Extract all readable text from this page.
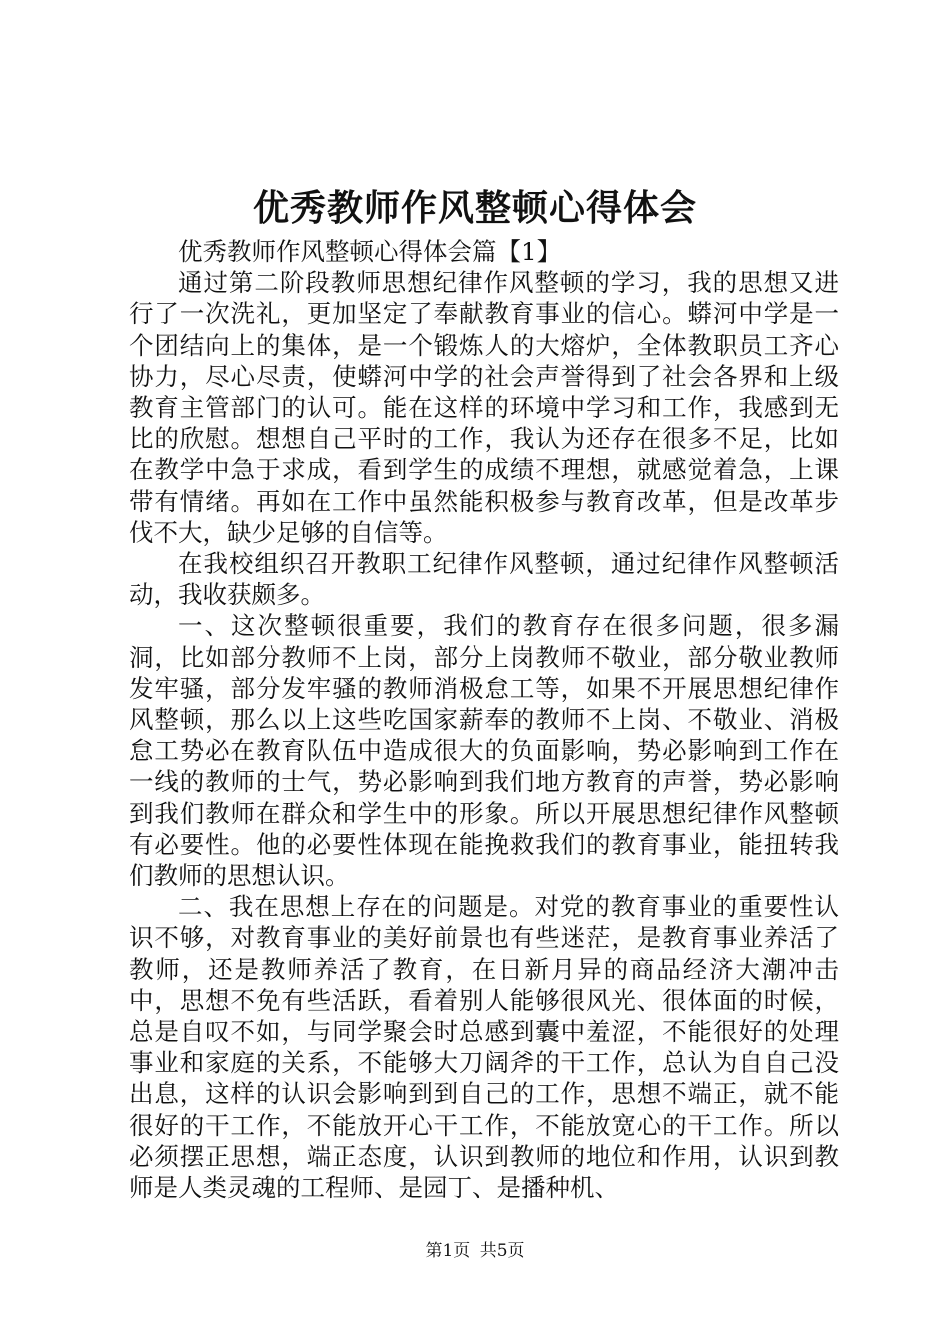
优秀教师作风整顿心得体会

优秀教师作风整顿心得体会篇【1】

通过第二阶段教师思想纪律作风整顿的学习，我的思想又进行了一次洗礼，更加坚定了奉献教育事业的信心。蟒河中学是一个团结向上的集体，是一个锻炼人的大熔炉，全体教职员工齐心协力，尽心尽责，使蟒河中学的社会声誉得到了社会各界和上级教育主管部门的认可。能在这样的环境中学习和工作，我感到无比的欣慰。想想自己平时的工作，我认为还存在很多不足，比如在教学中急于求成，看到学生的成绩不理想，就感觉着急，上课带有情绪。再如在工作中虽然能积极参与教育改革，但是改革步伐不大，缺少足够的自信等。

在我校组织召开教职工纪律作风整顿，通过纪律作风整顿活动，我收获颇多。

一、这次整顿很重要，我们的教育存在很多问题，很多漏洞，比如部分教师不上岗，部分上岗教师不敬业，部分敬业教师发牢骚，部分发牢骚的教师消极怠工等，如果不开展思想纪律作风整顿，那么以上这些吃国家薪奉的教师不上岗、不敬业、消极怠工势必在教育队伍中造成很大的负面影响，势必影响到工作在一线的教师的士气，势必影响到我们地方教育的声誉，势必影响到我们教师在群众和学生中的形象。所以开展思想纪律作风整顿有必要性。他的必要性体现在能挽救我们的教育事业，能扭转我们教师的思想认识。

二、我在思想上存在的问题是。对党的教育事业的重要性认识不够，对教育事业的美好前景也有些迷茫，是教育事业养活了教师，还是教师养活了教育，在日新月异的商品经济大潮冲击中，思想不免有些活跃，看着别人能够很风光、很体面的时候，总是自叹不如，与同学聚会时总感到囊中羞涩，不能很好的处理事业和家庭的关系，不能够大刀阔斧的干工作，总认为自自己没出息，这样的认识会影响到到自己的工作，思想不端正，就不能很好的干工作，不能放开心干工作，不能放宽心的干工作。所以必须摆正思想，端正态度，认识到教师的地位和作用，认识到教师是人类灵魂的工程师、是园丁、是播种机、

第1页 共5页
